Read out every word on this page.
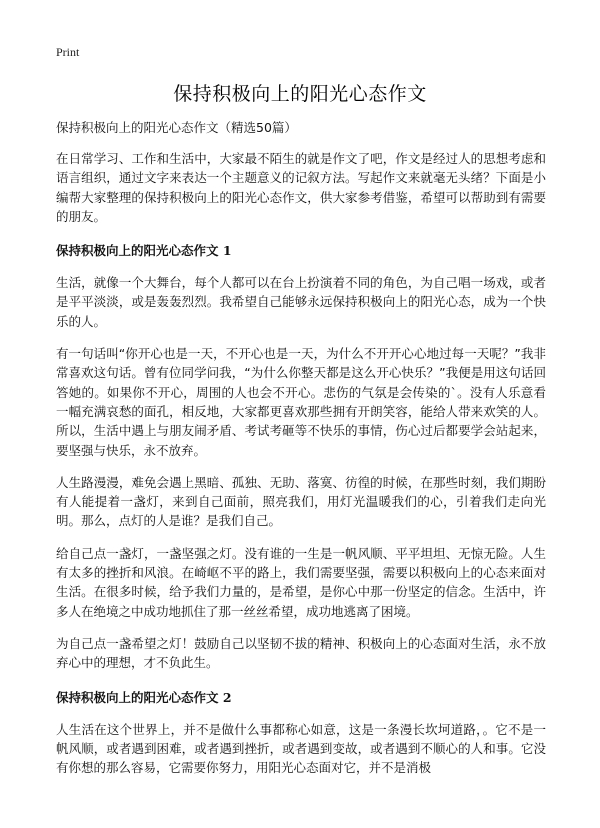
Print
保持积极向上的阳光心态作文

保持积极向上的阳光心态作文（精选50篇）

在日常学习、工作和生活中，大家最不陌生的就是作文了吧，作文是经过人的思想考虑和语言组织，通过文字来表达一个主题意义的记叙方法。写起作文来就毫无头绪？下面是小编帮大家整理的保持积极向上的阳光心态作文，供大家参考借鉴，希望可以帮助到有需要的朋友。

保持积极向上的阳光心态作文 1

生活，就像一个大舞台，每个人都可以在台上扮演着不同的角色，为自己唱一场戏，或者是平平淡淡，或是轰轰烈烈。我希望自己能够永远保持积极向上的阳光心态，成为一个快乐的人。

有一句话叫“你开心也是一天，不开心也是一天，为什么不开开心心地过每一天呢？”我非常喜欢这句话。曾有位同学问我，“为什么你整天都是这么开心快乐？”我便是用这句话回答她的。如果你不开心，周围的人也会不开心。悲伤的气氛是会传染的`。没有人乐意看一幅充满哀愁的面孔，相反地，大家都更喜欢那些拥有开朗笑容，能给人带来欢笑的人。所以，生活中遇上与朋友闹矛盾、考试考砸等不快乐的事情，伤心过后都要学会站起来，要坚强与快乐，永不放弃。

人生路漫漫，难免会遇上黑暗、孤独、无助、落寞、彷徨的时候，在那些时刻，我们期盼有人能提着一盏灯，来到自己面前，照亮我们，用灯光温暖我们的心，引着我们走向光明。那么，点灯的人是谁？是我们自己。

给自己点一盏灯，一盏坚强之灯。没有谁的一生是一帆风顺、平平坦坦、无惊无险。人生有太多的挫折和风浪。在崎岖不平的路上，我们需要坚强，需要以积极向上的心态来面对生活。在很多时候，给予我们力量的，是希望，是你心中那一份坚定的信念。生活中，许多人在绝境之中成功地抓住了那一丝丝希望，成功地逃离了困境。

为自己点一盏希望之灯！鼓励自己以坚韧不拔的精神、积极向上的心态面对生活，永不放弃心中的理想，才不负此生。

保持积极向上的阳光心态作文 2

人生活在这个世界上，并不是做什么事都称心如意，这是一条漫长坎坷道路，。它不是一帆风顺，或者遇到困难，或者遇到挫折，或者遇到变故，或者遇到不顺心的人和事。它没有你想的那么容易，它需要你努力，用阳光心态面对它，并不是消极
